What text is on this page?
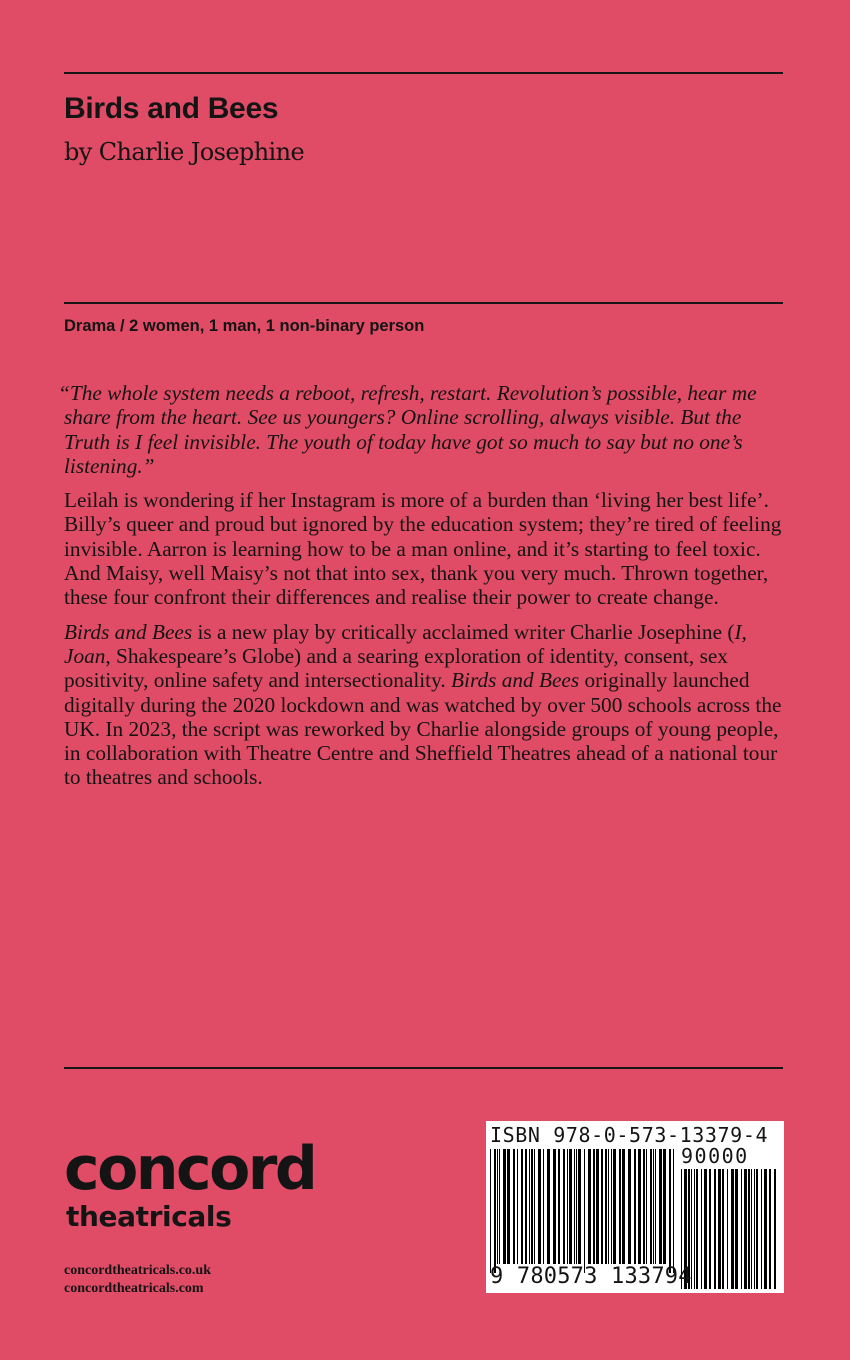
Birds and Bees
by Charlie Josephine
Drama / 2 women, 1 man, 1 non-binary person

“The whole system needs a reboot, refresh, restart. Revolution’s possible, hear me share from the heart. See us youngers? Online scrolling, always visible. But the Truth is I feel invisible. The youth of today have got so much to say but no one’s listening.”

Leilah is wondering if her Instagram is more of a burden than ‘living her best life’. Billy’s queer and proud but ignored by the education system; they’re tired of feeling invisible. Aarron is learning how to be a man online, and it’s starting to feel toxic. And Maisy, well Maisy’s not that into sex, thank you very much. Thrown together, these four confront their differences and realise their power to create change.

Birds and Bees is a new play by critically acclaimed writer Charlie Josephine (I, Joan, Shakespeare’s Globe) and a searing exploration of identity, consent, sex positivity, online safety and intersectionality. Birds and Bees originally launched digitally during the 2020 lockdown and was watched by over 500 schools across the UK. In 2023, the script was reworked by Charlie alongside groups of young people, in collaboration with Theatre Centre and Sheffield Theatres ahead of a national tour to theatres and schools.

concord
theatricals
concordtheatricals.co.uk
concordtheatricals.com
ISBN 978-0-573-13379-4
90000
9 780573 133794
